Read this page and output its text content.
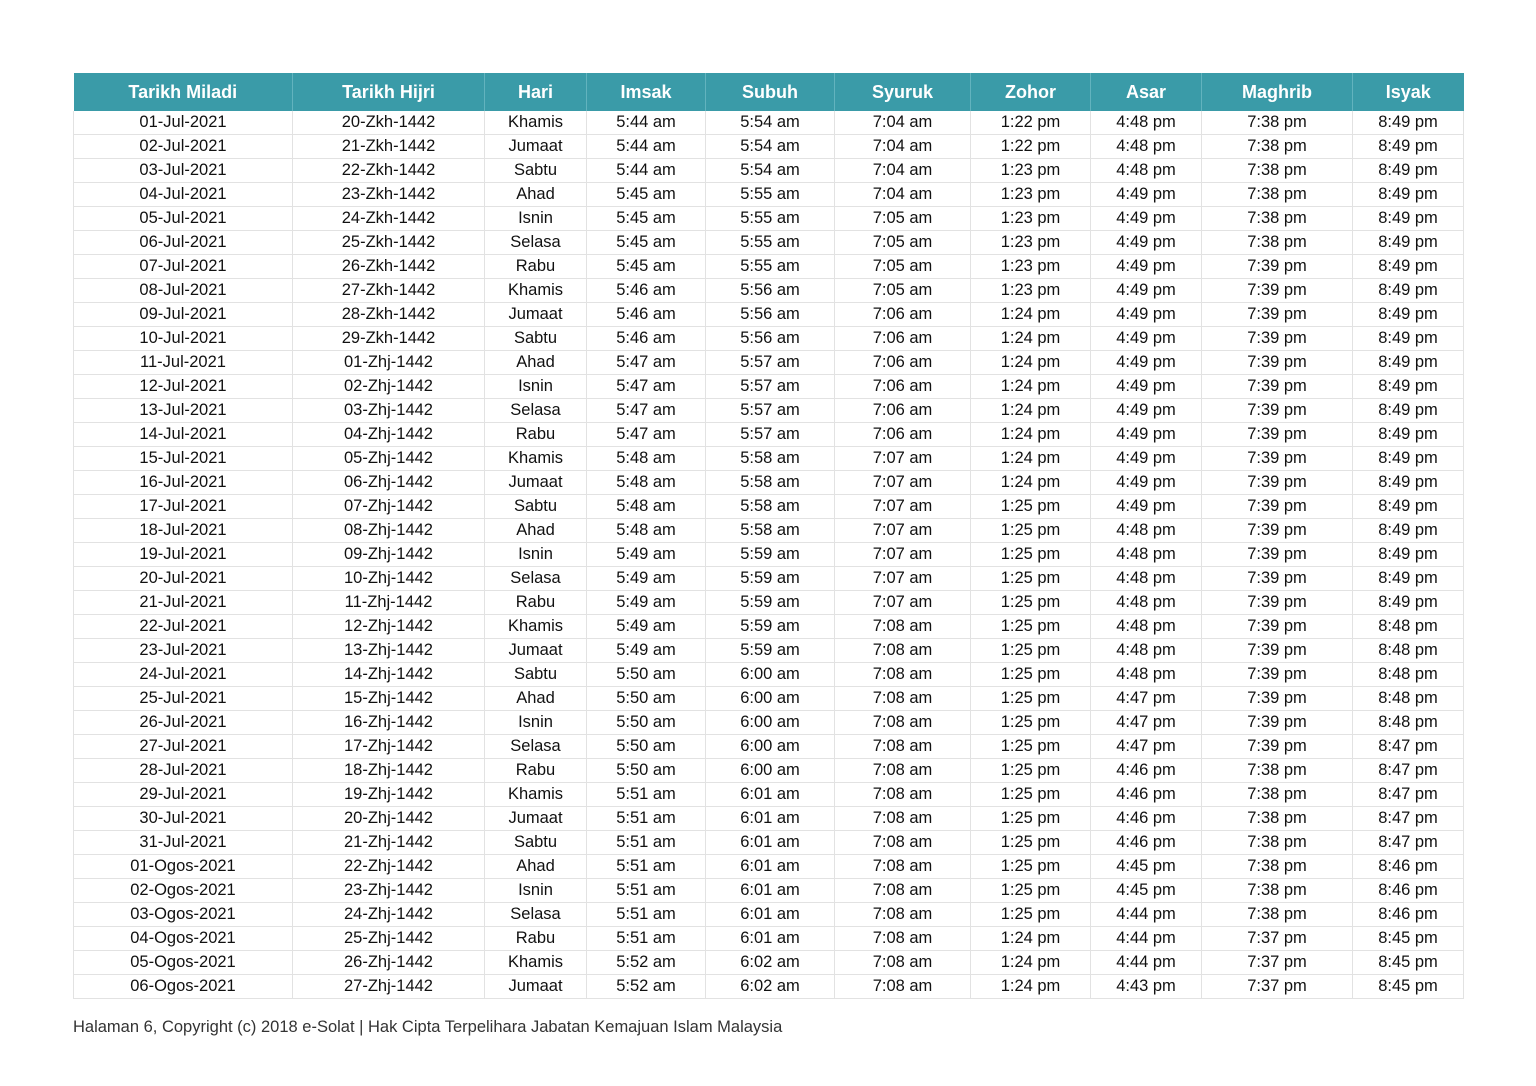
Tarikh Miladi	Tarikh Hijri	Hari	Imsak	Subuh	Syuruk	Zohor	Asar	Maghrib	Isyak
01-Jul-2021	20-Zkh-1442	Khamis	5:44 am	5:54 am	7:04 am	1:22 pm	4:48 pm	7:38 pm	8:49 pm
02-Jul-2021	21-Zkh-1442	Jumaat	5:44 am	5:54 am	7:04 am	1:22 pm	4:48 pm	7:38 pm	8:49 pm
03-Jul-2021	22-Zkh-1442	Sabtu	5:44 am	5:54 am	7:04 am	1:23 pm	4:48 pm	7:38 pm	8:49 pm
04-Jul-2021	23-Zkh-1442	Ahad	5:45 am	5:55 am	7:04 am	1:23 pm	4:49 pm	7:38 pm	8:49 pm
05-Jul-2021	24-Zkh-1442	Isnin	5:45 am	5:55 am	7:05 am	1:23 pm	4:49 pm	7:38 pm	8:49 pm
06-Jul-2021	25-Zkh-1442	Selasa	5:45 am	5:55 am	7:05 am	1:23 pm	4:49 pm	7:38 pm	8:49 pm
07-Jul-2021	26-Zkh-1442	Rabu	5:45 am	5:55 am	7:05 am	1:23 pm	4:49 pm	7:39 pm	8:49 pm
08-Jul-2021	27-Zkh-1442	Khamis	5:46 am	5:56 am	7:05 am	1:23 pm	4:49 pm	7:39 pm	8:49 pm
09-Jul-2021	28-Zkh-1442	Jumaat	5:46 am	5:56 am	7:06 am	1:24 pm	4:49 pm	7:39 pm	8:49 pm
10-Jul-2021	29-Zkh-1442	Sabtu	5:46 am	5:56 am	7:06 am	1:24 pm	4:49 pm	7:39 pm	8:49 pm
11-Jul-2021	01-Zhj-1442	Ahad	5:47 am	5:57 am	7:06 am	1:24 pm	4:49 pm	7:39 pm	8:49 pm
12-Jul-2021	02-Zhj-1442	Isnin	5:47 am	5:57 am	7:06 am	1:24 pm	4:49 pm	7:39 pm	8:49 pm
13-Jul-2021	03-Zhj-1442	Selasa	5:47 am	5:57 am	7:06 am	1:24 pm	4:49 pm	7:39 pm	8:49 pm
14-Jul-2021	04-Zhj-1442	Rabu	5:47 am	5:57 am	7:06 am	1:24 pm	4:49 pm	7:39 pm	8:49 pm
15-Jul-2021	05-Zhj-1442	Khamis	5:48 am	5:58 am	7:07 am	1:24 pm	4:49 pm	7:39 pm	8:49 pm
16-Jul-2021	06-Zhj-1442	Jumaat	5:48 am	5:58 am	7:07 am	1:24 pm	4:49 pm	7:39 pm	8:49 pm
17-Jul-2021	07-Zhj-1442	Sabtu	5:48 am	5:58 am	7:07 am	1:25 pm	4:49 pm	7:39 pm	8:49 pm
18-Jul-2021	08-Zhj-1442	Ahad	5:48 am	5:58 am	7:07 am	1:25 pm	4:48 pm	7:39 pm	8:49 pm
19-Jul-2021	09-Zhj-1442	Isnin	5:49 am	5:59 am	7:07 am	1:25 pm	4:48 pm	7:39 pm	8:49 pm
20-Jul-2021	10-Zhj-1442	Selasa	5:49 am	5:59 am	7:07 am	1:25 pm	4:48 pm	7:39 pm	8:49 pm
21-Jul-2021	11-Zhj-1442	Rabu	5:49 am	5:59 am	7:07 am	1:25 pm	4:48 pm	7:39 pm	8:49 pm
22-Jul-2021	12-Zhj-1442	Khamis	5:49 am	5:59 am	7:08 am	1:25 pm	4:48 pm	7:39 pm	8:48 pm
23-Jul-2021	13-Zhj-1442	Jumaat	5:49 am	5:59 am	7:08 am	1:25 pm	4:48 pm	7:39 pm	8:48 pm
24-Jul-2021	14-Zhj-1442	Sabtu	5:50 am	6:00 am	7:08 am	1:25 pm	4:48 pm	7:39 pm	8:48 pm
25-Jul-2021	15-Zhj-1442	Ahad	5:50 am	6:00 am	7:08 am	1:25 pm	4:47 pm	7:39 pm	8:48 pm
26-Jul-2021	16-Zhj-1442	Isnin	5:50 am	6:00 am	7:08 am	1:25 pm	4:47 pm	7:39 pm	8:48 pm
27-Jul-2021	17-Zhj-1442	Selasa	5:50 am	6:00 am	7:08 am	1:25 pm	4:47 pm	7:39 pm	8:47 pm
28-Jul-2021	18-Zhj-1442	Rabu	5:50 am	6:00 am	7:08 am	1:25 pm	4:46 pm	7:38 pm	8:47 pm
29-Jul-2021	19-Zhj-1442	Khamis	5:51 am	6:01 am	7:08 am	1:25 pm	4:46 pm	7:38 pm	8:47 pm
30-Jul-2021	20-Zhj-1442	Jumaat	5:51 am	6:01 am	7:08 am	1:25 pm	4:46 pm	7:38 pm	8:47 pm
31-Jul-2021	21-Zhj-1442	Sabtu	5:51 am	6:01 am	7:08 am	1:25 pm	4:46 pm	7:38 pm	8:47 pm
01-Ogos-2021	22-Zhj-1442	Ahad	5:51 am	6:01 am	7:08 am	1:25 pm	4:45 pm	7:38 pm	8:46 pm
02-Ogos-2021	23-Zhj-1442	Isnin	5:51 am	6:01 am	7:08 am	1:25 pm	4:45 pm	7:38 pm	8:46 pm
03-Ogos-2021	24-Zhj-1442	Selasa	5:51 am	6:01 am	7:08 am	1:25 pm	4:44 pm	7:38 pm	8:46 pm
04-Ogos-2021	25-Zhj-1442	Rabu	5:51 am	6:01 am	7:08 am	1:24 pm	4:44 pm	7:37 pm	8:45 pm
05-Ogos-2021	26-Zhj-1442	Khamis	5:52 am	6:02 am	7:08 am	1:24 pm	4:44 pm	7:37 pm	8:45 pm
06-Ogos-2021	27-Zhj-1442	Jumaat	5:52 am	6:02 am	7:08 am	1:24 pm	4:43 pm	7:37 pm	8:45 pm
Halaman 6, Copyright (c) 2018 e-Solat | Hak Cipta Terpelihara Jabatan Kemajuan Islam Malaysia
